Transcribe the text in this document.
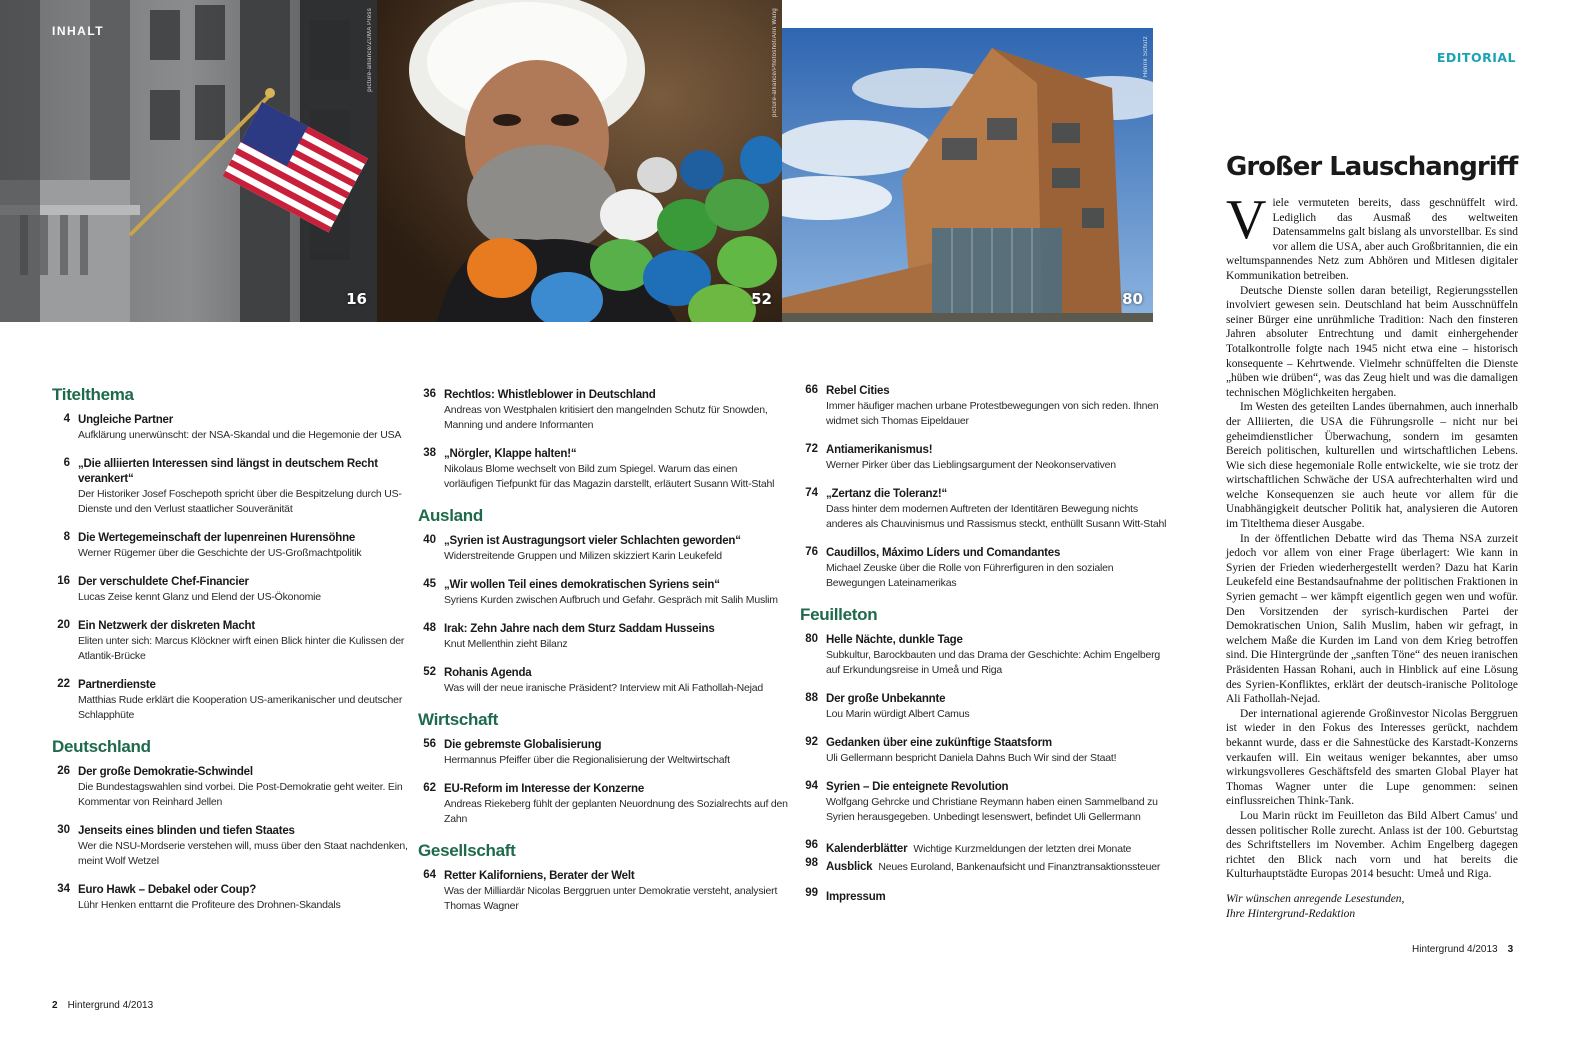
INHALT
16
picture-alliance/ZUMA Press
52
picture-alliance/Photoshot/Ann Wang
80
Henrik Schütz
Titelthema
4 Ungleiche Partner
Aufklärung unerwünscht: der NSA-Skandal und die Hegemonie der USA
6 „Die alliierten Interessen sind längst in deutschem Recht verankert“
Der Historiker Josef Foschepoth spricht über die Bespitzelung durch US-Dienste und den Verlust staatlicher Souveränität
8 Die Wertegemeinschaft der lupenreinen Hurensöhne
Werner Rügemer über die Geschichte der US-Großmachtpolitik
16 Der verschuldete Chef-Financier
Lucas Zeise kennt Glanz und Elend der US-Ökonomie
20 Ein Netzwerk der diskreten Macht
Eliten unter sich: Marcus Klöckner wirft einen Blick hinter die Kulissen der Atlantik-Brücke
22 Partnerdienste
Matthias Rude erklärt die Kooperation US-amerikanischer und deutscher Schlapphüte
Deutschland
26 Der große Demokratie-Schwindel
Die Bundestagswahlen sind vorbei. Die Post-Demokratie geht weiter. Ein Kommentar von Reinhard Jellen
30 Jenseits eines blinden und tiefen Staates
Wer die NSU-Mordserie verstehen will, muss über den Staat nachdenken, meint Wolf Wetzel
34 Euro Hawk – Debakel oder Coup?
Lühr Henken enttarnt die Profiteure des Drohnen-Skandals
36 Rechtlos: Whistleblower in Deutschland
Andreas von Westphalen kritisiert den mangelnden Schutz für Snowden, Manning und andere Informanten
38 „Nörgler, Klappe halten!“
Nikolaus Blome wechselt von Bild zum Spiegel. Warum das einen vorläufigen Tiefpunkt für das Magazin darstellt, erläutert Susann Witt-Stahl
Ausland
40 „Syrien ist Austragungsort vieler Schlachten geworden“
Widerstreitende Gruppen und Milizen skizziert Karin Leukefeld
45 „Wir wollen Teil eines demokratischen Syriens sein“
Syriens Kurden zwischen Aufbruch und Gefahr. Gespräch mit Salih Muslim
48 Irak: Zehn Jahre nach dem Sturz Saddam Husseins
Knut Mellenthin zieht Bilanz
52 Rohanis Agenda
Was will der neue iranische Präsident? Interview mit Ali Fathollah-Nejad
Wirtschaft
56 Die gebremste Globalisierung
Hermannus Pfeiffer über die Regionalisierung der Weltwirtschaft
62 EU-Reform im Interesse der Konzerne
Andreas Riekeberg fühlt der geplanten Neuordnung des Sozialrechts auf den Zahn
Gesellschaft
64 Retter Kaliforniens, Berater der Welt
Was der Milliardär Nicolas Berggruen unter Demokratie versteht, analysiert Thomas Wagner
66 Rebel Cities
Immer häufiger machen urbane Protestbewegungen von sich reden. Ihnen widmet sich Thomas Eipeldauer
72 Antiamerikanismus!
Werner Pirker über das Lieblingsargument der Neokonservativen
74 „Zertanz die Toleranz!“
Dass hinter dem modernen Auftreten der Identitären Bewegung nichts anderes als Chauvinismus und Rassismus steckt, enthüllt Susann Witt-Stahl
76 Caudillos, Máximo Líders und Comandantes
Michael Zeuske über die Rolle von Führerfiguren in den sozialen Bewegungen Lateinamerikas
Feuilleton
80 Helle Nächte, dunkle Tage
Subkultur, Barockbauten und das Drama der Geschichte: Achim Engelberg auf Erkundungsreise in Umeå und Riga
88 Der große Unbekannte
Lou Marin würdigt Albert Camus
92 Gedanken über eine zukünftige Staatsform
Uli Gellermann bespricht Daniela Dahns Buch Wir sind der Staat!
94 Syrien – Die enteignete Revolution
Wolfgang Gehrcke und Christiane Reymann haben einen Sammelband zu Syrien herausgegeben. Unbedingt lesenswert, befindet Uli Gellermann
96 Kalenderblätter Wichtige Kurzmeldungen der letzten drei Monate
98 Ausblick Neues Euroland, Bankenaufsicht und Finanztransaktionssteuer
99 Impressum
2 Hintergrund 4/2013
Hintergrund 4/2013 3
EDITORIAL
Großer Lauschangriff

Viele vermuteten bereits, dass geschnüffelt wird. Lediglich das Ausmaß des weltweiten Datensammelns galt bislang als unvorstellbar. Es sind vor allem die USA, aber auch Großbritannien, die ein weltumspannendes Netz zum Abhören und Mitlesen digitaler Kommunikation betreiben.

Deutsche Dienste sollen daran beteiligt, Regierungsstellen involviert gewesen sein. Deutschland hat beim Ausschnüffeln seiner Bürger eine unrühmliche Tradition: Nach den finsteren Jahren absoluter Entrechtung und damit einhergehender Totalkontrolle folgte nach 1945 nicht etwa eine – historisch konsequente – Kehrtwende. Vielmehr schnüffelten die Dienste „hüben wie drüben“, was das Zeug hielt und was die damaligen technischen Möglichkeiten hergaben.

Im Westen des geteilten Landes übernahmen, auch innerhalb der Alliierten, die USA die Führungsrolle – nicht nur bei geheimdienstlicher Überwachung, sondern im gesamten Bereich politischen, kulturellen und wirtschaftlichen Lebens. Wie sich diese hegemoniale Rolle entwickelte, wie sie trotz der wirtschaftlichen Schwäche der USA aufrechterhalten wird und welche Konsequenzen sie auch heute vor allem für die Unabhängigkeit deutscher Politik hat, analysieren die Autoren im Titelthema dieser Ausgabe.

In der öffentlichen Debatte wird das Thema NSA zurzeit jedoch vor allem von einer Frage überlagert: Wie kann in Syrien der Frieden wiederhergestellt werden? Dazu hat Karin Leukefeld eine Bestandsaufnahme der politischen Fraktionen in Syrien gemacht – wer kämpft eigentlich gegen wen und wofür. Den Vorsitzenden der syrisch-kurdischen Partei der Demokratischen Union, Salih Muslim, haben wir gefragt, in welchem Maße die Kurden im Land von dem Krieg betroffen sind. Die Hintergründe der „sanften Töne“ des neuen iranischen Präsidenten Hassan Rohani, auch in Hinblick auf eine Lösung des Syrien-Konfliktes, erklärt der deutsch-iranische Politologe Ali Fathollah-Nejad.

Der international agierende Großinvestor Nicolas Berggruen ist wieder in den Fokus des Interesses gerückt, nachdem bekannt wurde, dass er die Sahnestücke des Karstadt-Konzerns verkaufen will. Ein weitaus weniger bekanntes, aber umso wirkungsvolleres Geschäftsfeld des smarten Global Player hat Thomas Wagner unter die Lupe genommen: seinen einflussreichen Think-Tank.

Lou Marin rückt im Feuilleton das Bild Albert Camus' und dessen politischer Rolle zurecht. Anlass ist der 100. Geburtstag des Schriftstellers im November. Achim Engelberg dagegen richtet den Blick nach vorn und hat bereits die Kulturhauptstädte Europas 2014 besucht: Umeå und Riga.

Wir wünschen anregende Lesestunden,
Ihre Hintergrund-Redaktion
